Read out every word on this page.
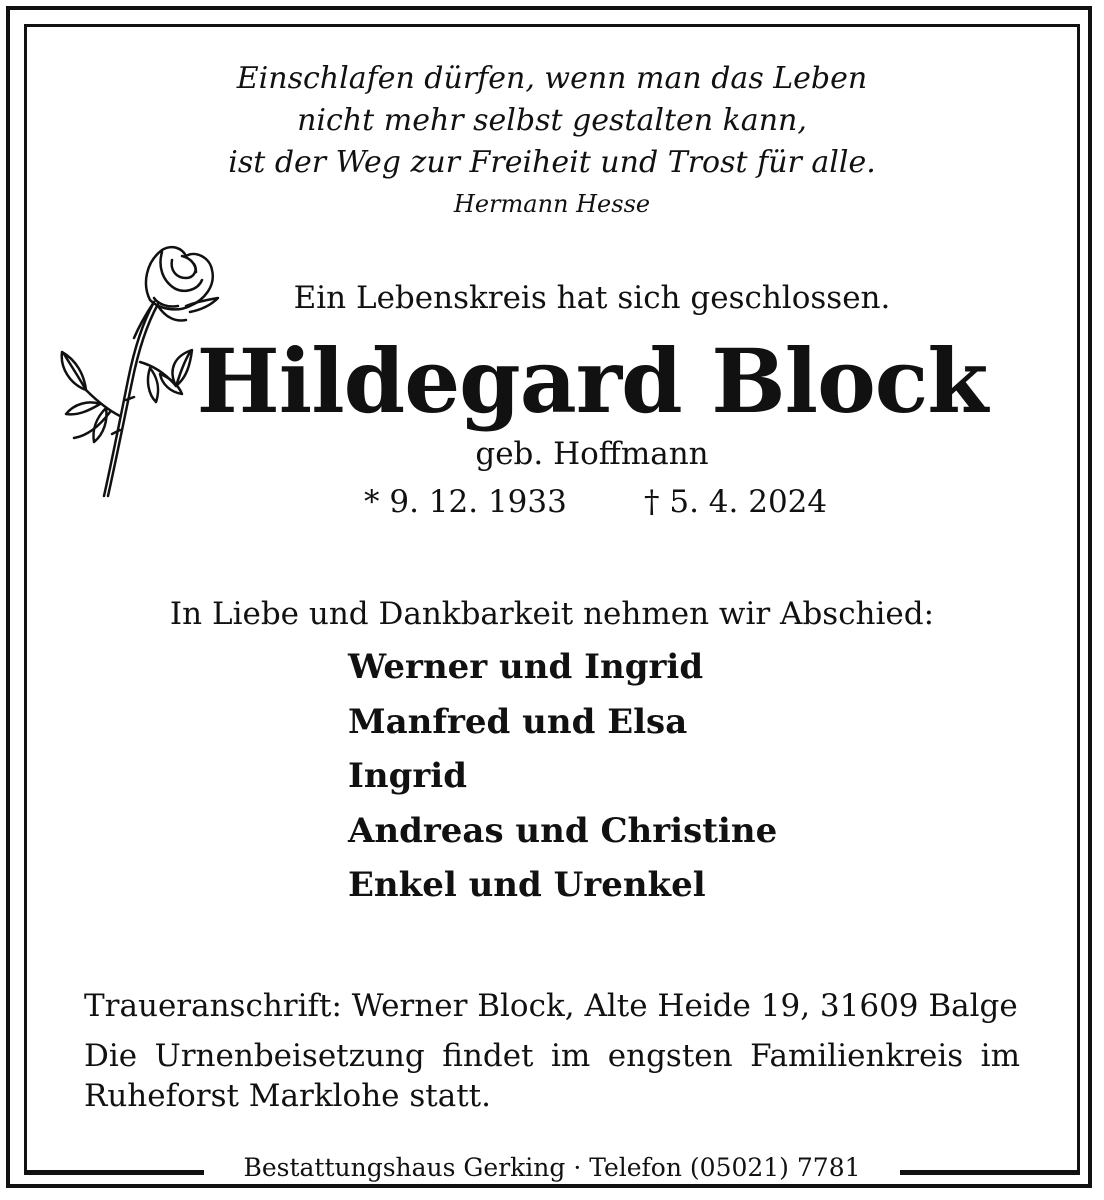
Einschlafen dürfen, wenn man das Leben
nicht mehr selbst gestalten kann,
ist der Weg zur Freiheit und Trost für alle.
Hermann Hesse
Ein Lebenskreis hat sich geschlossen.
Hildegard Block
geb. Hoffmann
* 9. 12. 1933 † 5. 4. 2024
In Liebe und Dankbarkeit nehmen wir Abschied:
Werner und Ingrid
Manfred und Elsa
Ingrid
Andreas und Christine
Enkel und Urenkel
Traueranschrift: Werner Block, Alte Heide 19, 31609 Balge
Die Urnenbeisetzung findet im engsten Familienkreis im Ruheforst Marklohe statt.
Bestattungshaus Gerking · Telefon (05021) 7781
